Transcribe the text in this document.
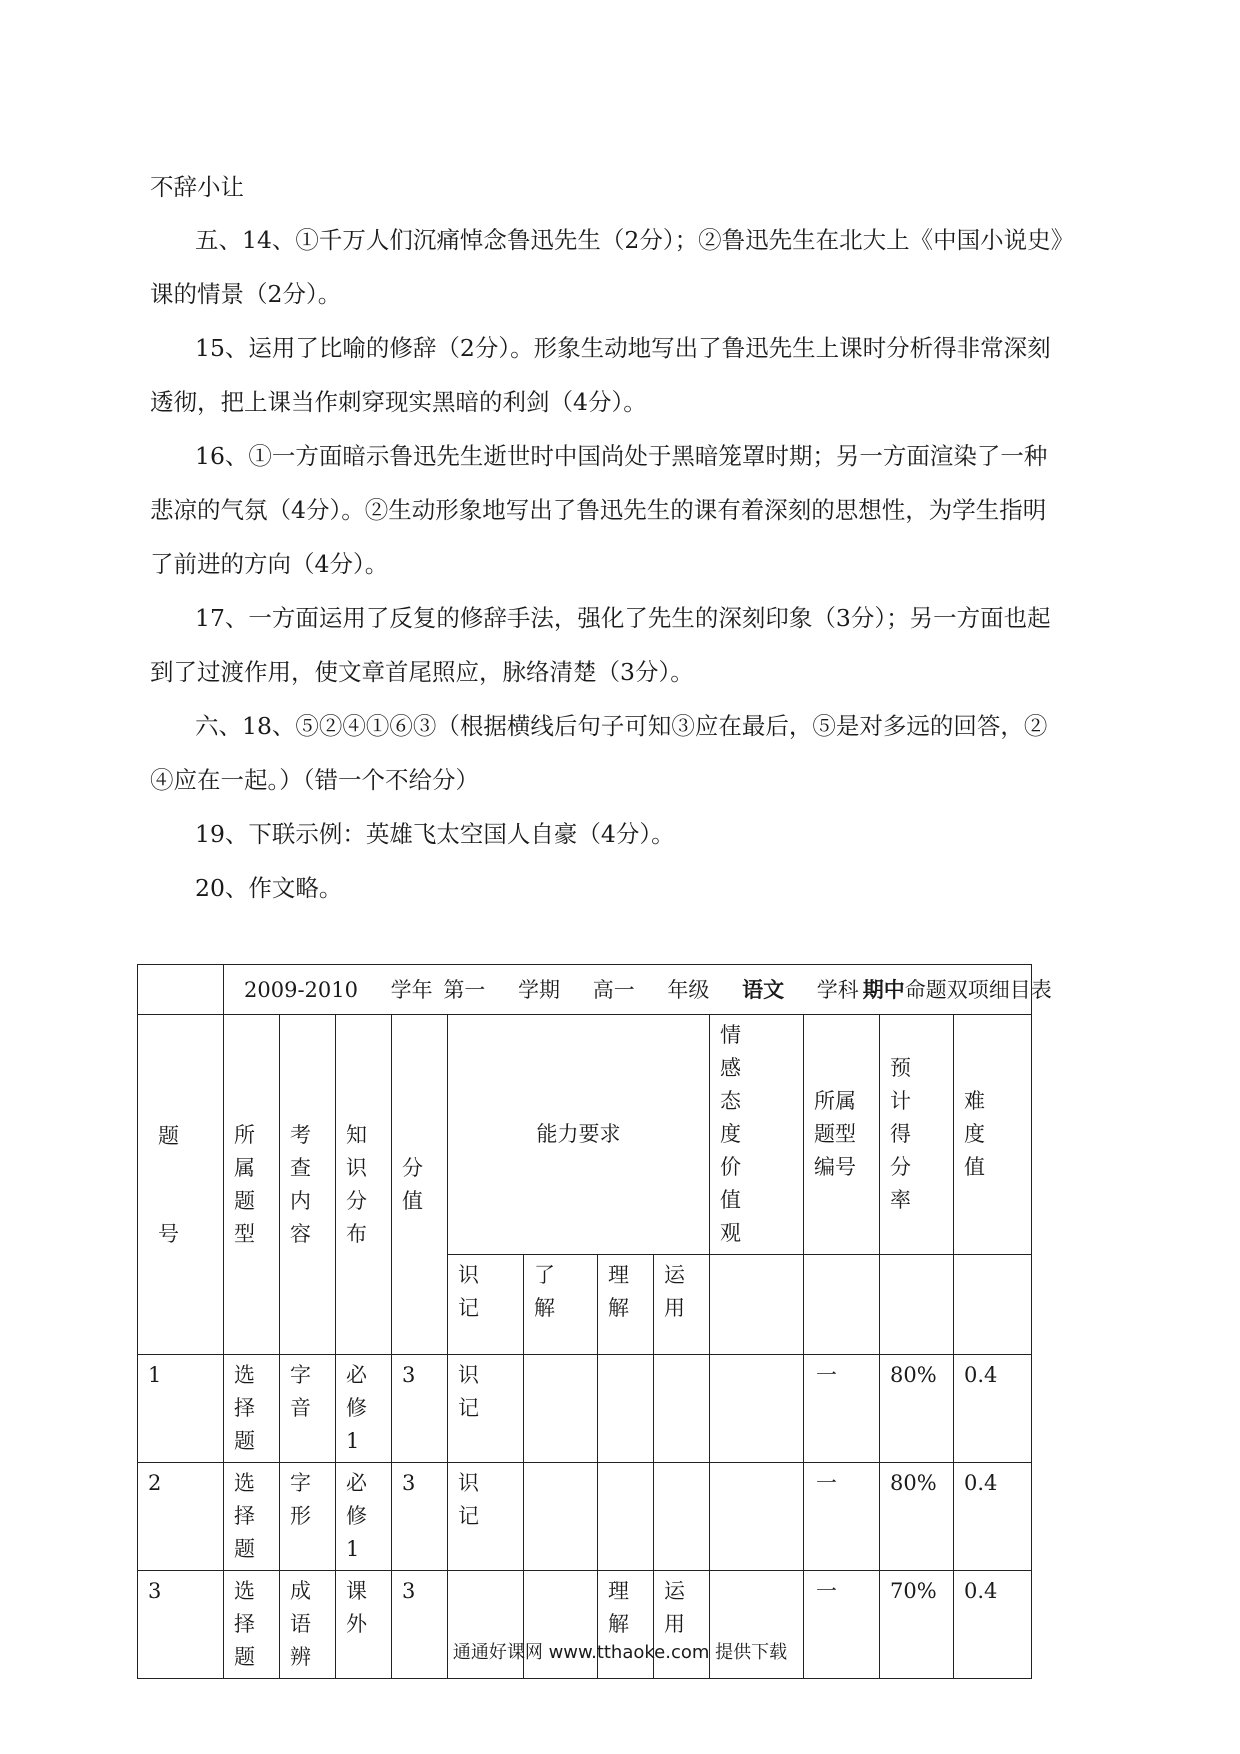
不辞小让
五、14、①千万人们沉痛悼念鲁迅先生（2分）；②鲁迅先生在北大上《中国小说史》
课的情景（2分）。
15、运用了比喻的修辞（2分）。形象生动地写出了鲁迅先生上课时分析得非常深刻
透彻，把上课当作刺穿现实黑暗的利剑（4分）。
16、①一方面暗示鲁迅先生逝世时中国尚处于黑暗笼罩时期；另一方面渲染了一种
悲凉的气氛（4分）。②生动形象地写出了鲁迅先生的课有着深刻的思想性，为学生指明
了前进的方向（4分）。
17、一方面运用了反复的修辞手法，强化了先生的深刻印象（3分）；另一方面也起
到了过渡作用，使文章首尾照应，脉络清楚（3分）。
六、18、⑤②④①⑥③（根据横线后句子可知③应在最后，⑤是对多远的回答，②
④应在一起。）（错一个不给分）
19、下联示例：英雄飞太空国人自豪（4分）。
20、作文略。

	2009-2010 学年 第一 学期 高一 年级 语文 学科 期中命题双项细目表											

题号	所属题型	考查内容	知识分布	分值	能力要求				情感态度价值观	所属题型编号	预计得分率	难度值

					识记	了解	理解	运用				

1	选择题	字音	必修1	3	识记					一	80%	0.4
2	选择题	字形	必修1	3	识记					一	80%	0.4
3	选择题	成语辨	课外	3			理解	运用		一	70%	0.4
通通好课网 www.tthaoke.com 提供下载
